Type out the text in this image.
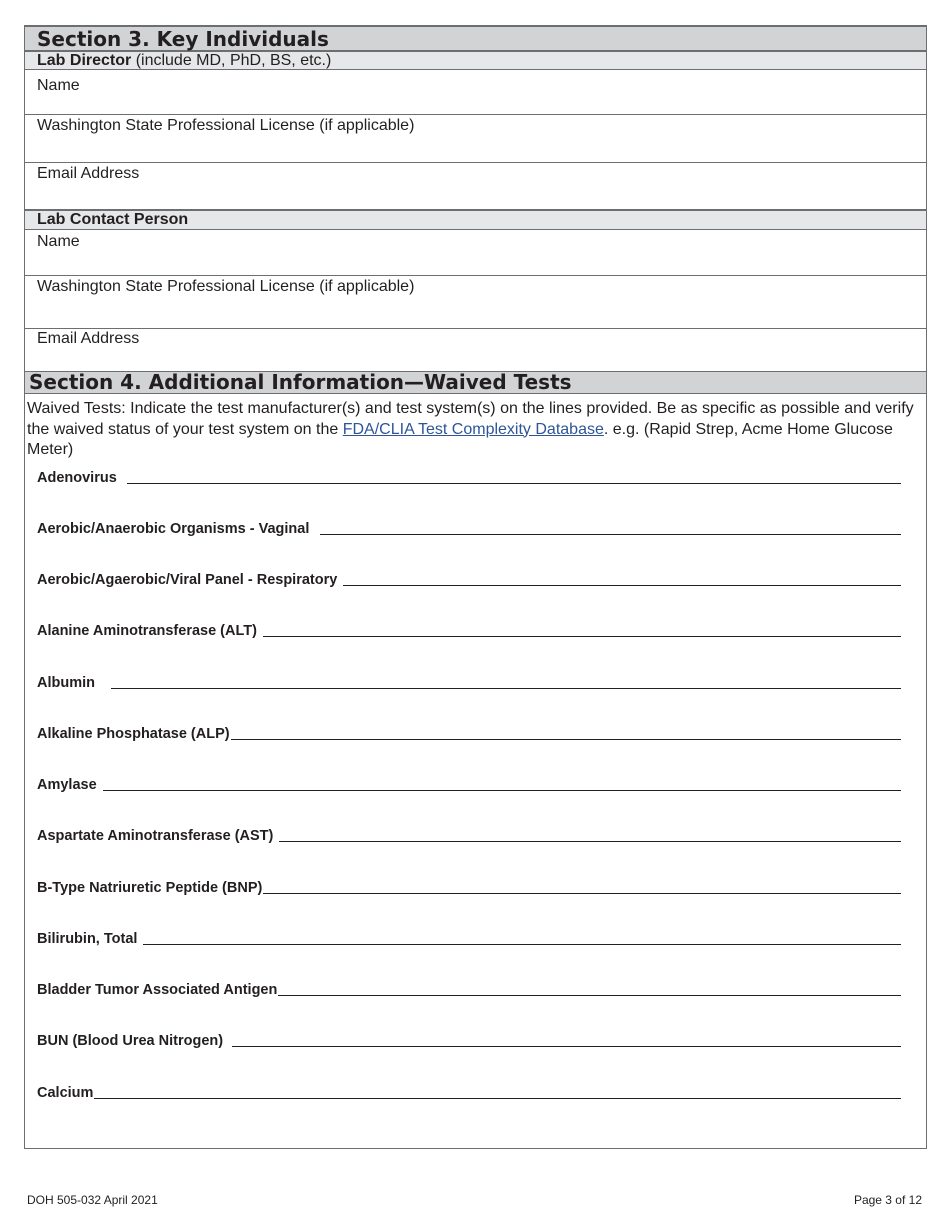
Section 3. Key Individuals
Lab Director (include MD, PhD, BS, etc.)
Name
Washington State Professional License (if applicable)
Email Address
Lab Contact Person
Name
Washington State Professional License (if applicable)
Email Address
Section 4. Additional Information—Waived Tests
Waived Tests: Indicate the test manufacturer(s) and test system(s) on the lines provided. Be as specific as possible and verify the waived status of your test system on the FDA/CLIA Test Complexity Database. e.g. (Rapid Strep, Acme Home Glucose Meter)
Adenovirus
Aerobic/Anaerobic Organisms - Vaginal
Aerobic/Agaerobic/Viral Panel - Respiratory
Alanine Aminotransferase (ALT)
Albumin
Alkaline Phosphatase (ALP)
Amylase
Aspartate Aminotransferase (AST)
B-Type Natriuretic Peptide (BNP)
Bilirubin, Total
Bladder Tumor Associated Antigen
BUN (Blood Urea Nitrogen)
Calcium
DOH 505-032 April 2021	Page 3 of 12
